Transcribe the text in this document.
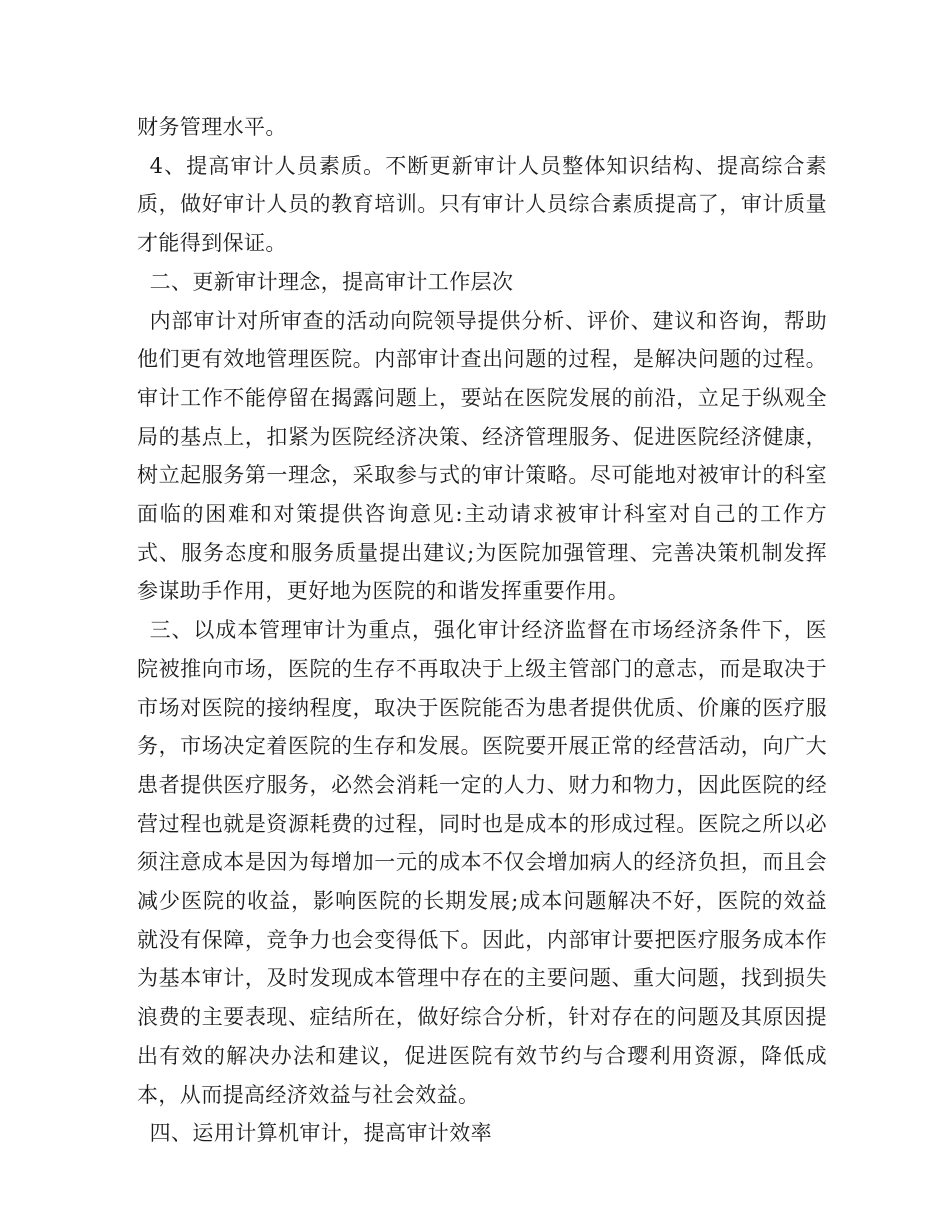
财务管理水平。

4、提高审计人员素质。不断更新审计人员整体知识结构、提高综合素质，做好审计人员的教育培训。只有审计人员综合素质提高了，审计质量才能得到保证。

二、更新审计理念，提高审计工作层次

内部审计对所审查的活动向院领导提供分析、评价、建议和咨询，帮助他们更有效地管理医院。内部审计查出问题的过程，是解决问题的过程。审计工作不能停留在揭露问题上，要站在医院发展的前沿，立足于纵观全局的基点上，扣紧为医院经济决策、经济管理服务、促进医院经济健康，树立起服务第一理念，采取参与式的审计策略。尽可能地对被审计的科室面临的困难和对策提供咨询意见:主动请求被审计科室对自己的工作方式、服务态度和服务质量提出建议;为医院加强管理、完善决策机制发挥参谋助手作用，更好地为医院的和谐发挥重要作用。

三、以成本管理审计为重点，强化审计经济监督在市场经济条件下，医院被推向市场，医院的生存不再取决于上级主管部门的意志，而是取决于市场对医院的接纳程度，取决于医院能否为患者提供优质、价廉的医疗服务，市场决定着医院的生存和发展。医院要开展正常的经营活动，向广大患者提供医疗服务，必然会消耗一定的人力、财力和物力，因此医院的经营过程也就是资源耗费的过程，同时也是成本的形成过程。医院之所以必须注意成本是因为每增加一元的成本不仅会增加病人的经济负担，而且会减少医院的收益，影响医院的长期发展;成本问题解决不好，医院的效益就没有保障，竞争力也会变得低下。因此，内部审计要把医疗服务成本作为基本审计，及时发现成本管理中存在的主要问题、重大问题，找到损失浪费的主要表现、症结所在，做好综合分析，针对存在的问题及其原因提出有效的解决办法和建议，促进医院有效节约与合璎利用资源，降低成本，从而提高经济效益与社会效益。

四、运用计算机审计，提高审计效率
